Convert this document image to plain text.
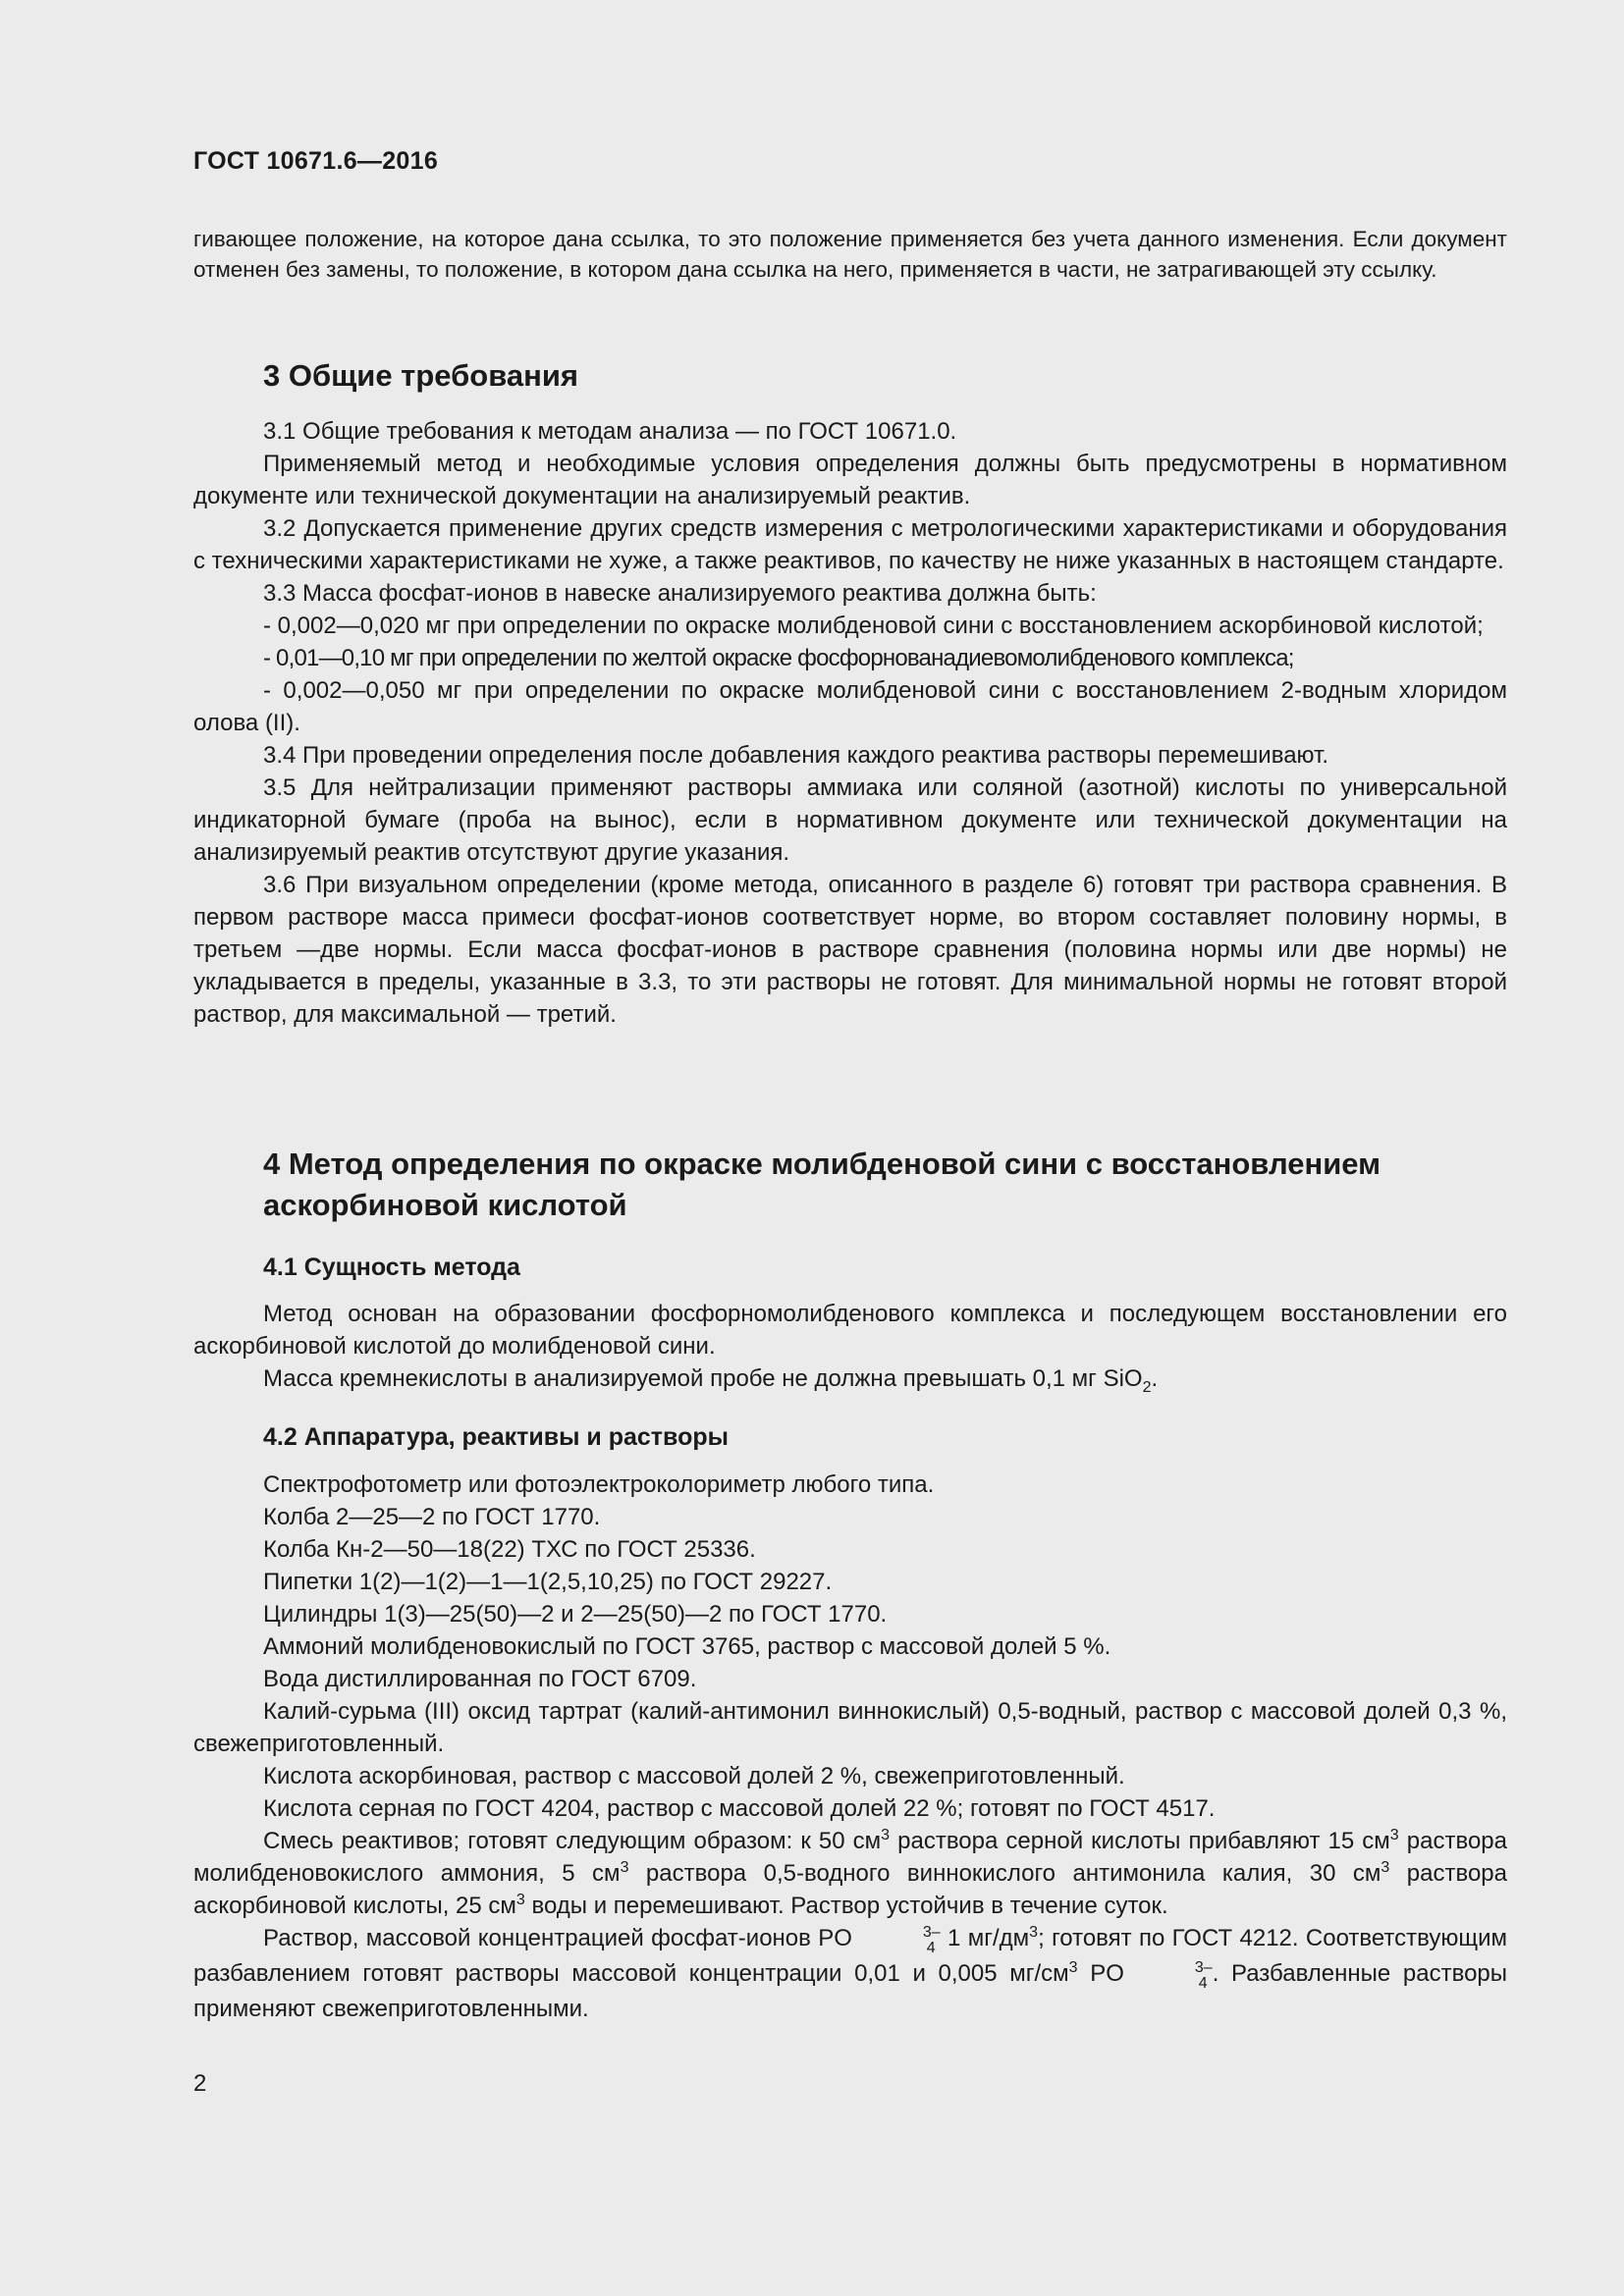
ГОСТ 10671.6—2016

гивающее положение, на которое дана ссылка, то это положение применяется без учета данного изменения. Если документ отменен без замены, то положение, в котором дана ссылка на него, применяется в части, не затрагивающей эту ссылку.

3 Общие требования

3.1 Общие требования к методам анализа — по ГОСТ 10671.0.

Применяемый метод и необходимые условия определения должны быть предусмотрены в нормативном документе или технической документации на анализируемый реактив.

3.2 Допускается применение других средств измерения с метрологическими характеристиками и оборудования с техническими характеристиками не хуже, а также реактивов, по качеству не ниже указанных в настоящем стандарте.

3.3 Масса фосфат-ионов в навеске анализируемого реактива должна быть:

- 0,002—0,020 мг при определении по окраске молибденовой сини с восстановлением аскорбиновой кислотой;

- 0,01—0,10 мг при определении по желтой окраске фосфорнованадиевомолибденового комплекса;

- 0,002—0,050 мг при определении по окраске молибденовой сини с восстановлением 2-водным хлоридом олова (II).

3.4 При проведении определения после добавления каждого реактива растворы перемешивают.

3.5 Для нейтрализации применяют растворы аммиака или соляной (азотной) кислоты по универсальной индикаторной бумаге (проба на вынос), если в нормативном документе или технической документации на анализируемый реактив отсутствуют другие указания.

3.6 При визуальном определении (кроме метода, описанного в разделе 6) готовят три раствора сравнения. В первом растворе масса примеси фосфат-ионов соответствует норме, во втором составляет половину нормы, в третьем —две нормы. Если масса фосфат-ионов в растворе сравнения (половина нормы или две нормы) не укладывается в пределы, указанные в 3.3, то эти растворы не готовят. Для минимальной нормы не готовят второй раствор, для максимальной — третий.

4 Метод определения по окраске молибденовой сини с восстановлением
аскорбиновой кислотой
4.1 Сущность метода

Метод основан на образовании фосфорномолибденового комплекса и последующем восстановлении его аскорбиновой кислотой до молибденовой сини.

Масса кремнекислоты в анализируемой пробе не должна превышать 0,1 мг SiO$_2$.

4.2 Аппаратура, реактивы и растворы

Спектрофотометр или фотоэлектроколориметр любого типа.

Колба 2—25—2 по ГОСТ 1770.

Колба Кн-2—50—18(22) ТХС по ГОСТ 25336.

Пипетки 1(2)—1(2)—1—1(2,5,10,25) по ГОСТ 29227.

Цилиндры 1(3)—25(50)—2 и 2—25(50)—2 по ГОСТ 1770.

Аммоний молибденовокислый по ГОСТ 3765, раствор с массовой долей 5 %.

Вода дистиллированная по ГОСТ 6709.

Калий-сурьма (III) оксид тартрат (калий-антимонил виннокислый) 0,5-водный, раствор с массовой долей 0,3 %, свежеприготовленный.

Кислота аскорбиновая, раствор с массовой долей 2 %, свежеприготовленный.

Кислота серная по ГОСТ 4204, раствор с массовой долей 22 %; готовят по ГОСТ 4517.

Смесь реактивов; готовят следующим образом: к 50 $см^3$ раствора серной кислоты прибавляют 15 $см^3$ раствора молибденовокислого аммония, 5 $см^3$ раствора 0,5-водного виннокислого антимонила калия, 30 $см^3$ раствора аскорбиновой кислоты, 25 $см^3$ воды и перемешивают. Раствор устойчив в течение суток.

Раствор, массовой концентрацией фосфат-ионов PO	$^{3-}_4$ 1 $мг/дм^3$; готовят по ГОСТ 4212. Соответствующим разбавлением готовят растворы массовой концентрации 0,01 и 0,005 $мг/см^3$ PO	$^{3-}_4$ . Разбавленные растворы применяют свежеприготовленными.

2
